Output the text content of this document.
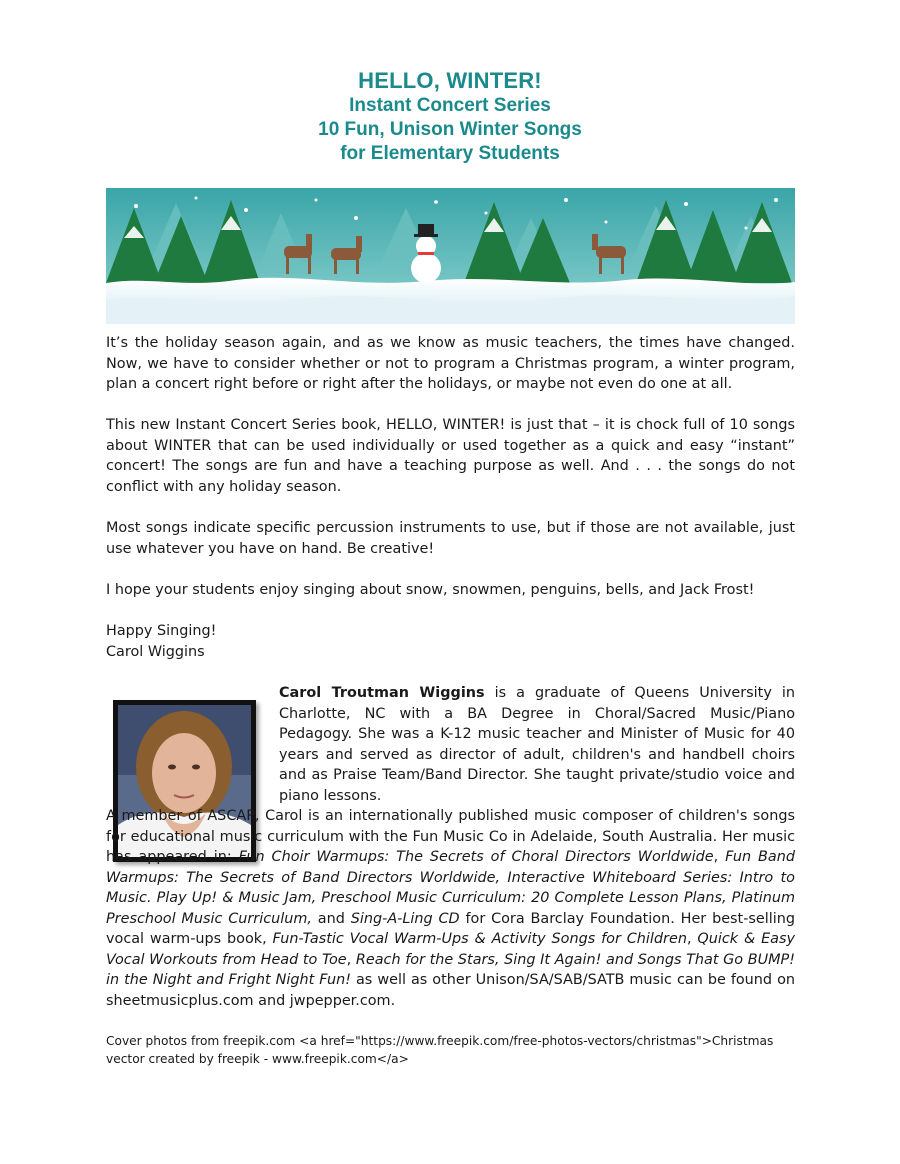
HELLO, WINTER!
Instant Concert Series
10 Fun, Unison Winter Songs
for Elementary Students

It’s the holiday season again, and as we know as music teachers, the times have changed. Now, we have to consider whether or not to program a Christmas program, a winter program, plan a concert right before or right after the holidays, or maybe not even do one at all.

This new Instant Concert Series book, HELLO, WINTER! is just that – it is chock full of 10 songs about WINTER that can be used individually or used together as a quick and easy “instant” concert! The songs are fun and have a teaching purpose as well. And . . . the songs do not conflict with any holiday season.

Most songs indicate specific percussion instruments to use, but if those are not available, just use whatever you have on hand. Be creative!

I hope your students enjoy singing about snow, snowmen, penguins, bells, and Jack Frost!

Happy Singing!
Carol Wiggins

Carol Troutman Wiggins is a graduate of Queens University in Charlotte, NC with a BA Degree in Choral/Sacred Music/Piano Pedagogy. She was a K-12 music teacher and Minister of Music for 40 years and served as director of adult, children's and handbell choirs and as Praise Team/Band Director. She taught private/studio voice and piano lessons.

A member of ASCAP, Carol is an internationally published music composer of children's songs for educational music curriculum with the Fun Music Co in Adelaide, South Australia. Her music has appeared in: Fun Choir Warmups: The Secrets of Choral Directors Worldwide, Fun Band Warmups: The Secrets of Band Directors Worldwide, Interactive Whiteboard Series: Intro to Music. Play Up! & Music Jam, Preschool Music Curriculum: 20 Complete Lesson Plans, Platinum Preschool Music Curriculum, and Sing-A-Ling CD for Cora Barclay Foundation. Her best-selling vocal warm-ups book, Fun-Tastic Vocal Warm-Ups & Activity Songs for Children, Quick & Easy Vocal Workouts from Head to Toe, Reach for the Stars, Sing It Again! and Songs That Go BUMP! in the Night and Fright Night Fun! as well as other Unison/SA/SAB/SATB music can be found on sheetmusicplus.com and jwpepper.com.

Cover photos from freepik.com <a href="https://www.freepik.com/free-photos-vectors/christmas">Christmas vector created by freepik - www.freepik.com</a>
